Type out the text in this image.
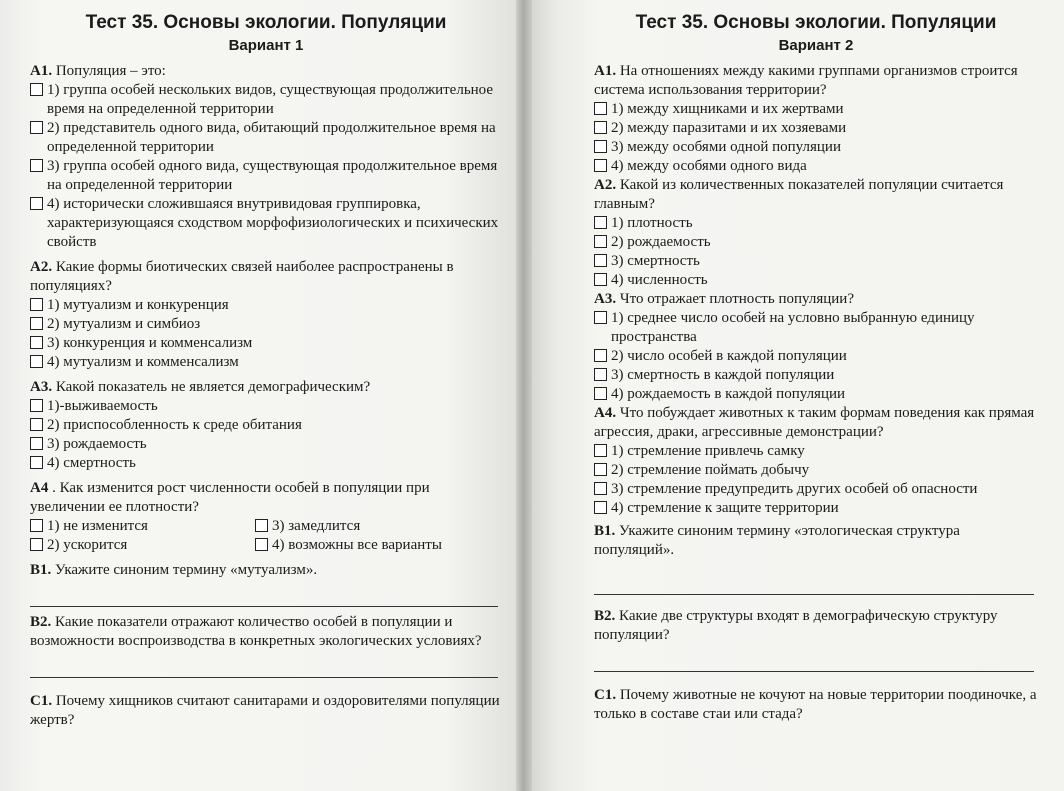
Тест 35. Основы экологии. Популяции
Вариант 1

А1. Популяция – это:

1) группа особей нескольких видов, существующая продолжительное время на определенной территории
2) представитель одного вида, обитающий продолжительное время на определенной территории
3) группа особей одного вида, существующая продолжительное время на определенной территории
4) исторически сложившаяся внутривидовая группировка, характеризующаяся сходством морфофизиологических и психических свойств

А2. Какие формы биотических связей наиболее распространены в популяциях?

1) мутуализм и конкуренция
2) мутуализм и симбиоз
3) конкуренция и комменсализм
4) мутуализм и комменсализм

А3. Какой показатель не является демографическим?

1)-выживаемость
2) приспособленность к среде обитания
3) рождаемость
4) смертность

А4 . Как изменится рост численности особей в популяции при увеличении ее плотности?

1) не изменится	3) замедлится
2) ускорится	4) возможны все варианты

В1. Укажите синоним термину «мутуализм».

В2. Какие показатели отражают количество особей в популяции и возможности воспроизводства в конкретных экологических условиях?

С1. Почему хищников считают санитарами и оздоровителями популяции жертв?

Тест 35. Основы экологии. Популяции
Вариант 2

А1. На отношениях между какими группами организмов строится система использования территории?

1) между хищниками и их жертвами
2) между паразитами и их хозяевами
3) между особями одной популяции
4) между особями одного вида

А2. Какой из количественных показателей популяции считается главным?

1) плотность
2) рождаемость
3) смертность
4) численность

А3. Что отражает плотность популяции?

1) среднее число особей на условно выбранную единицу пространства
2) число особей в каждой популяции
3) смертность в каждой популяции
4) рождаемость в каждой популяции

А4. Что побуждает животных к таким формам поведения как прямая агрессия, драки, агрессивные демонстрации?

1) стремление привлечь самку
2) стремление поймать добычу
3) стремление предупредить других особей об опасности
4) стремление к защите территории

В1. Укажите синоним термину «этологическая структура популяций».

В2. Какие две структуры входят в демографическую структуру популяции?

С1. Почему животные не кочуют на новые территории поодиночке, а только в составе стаи или стада?
